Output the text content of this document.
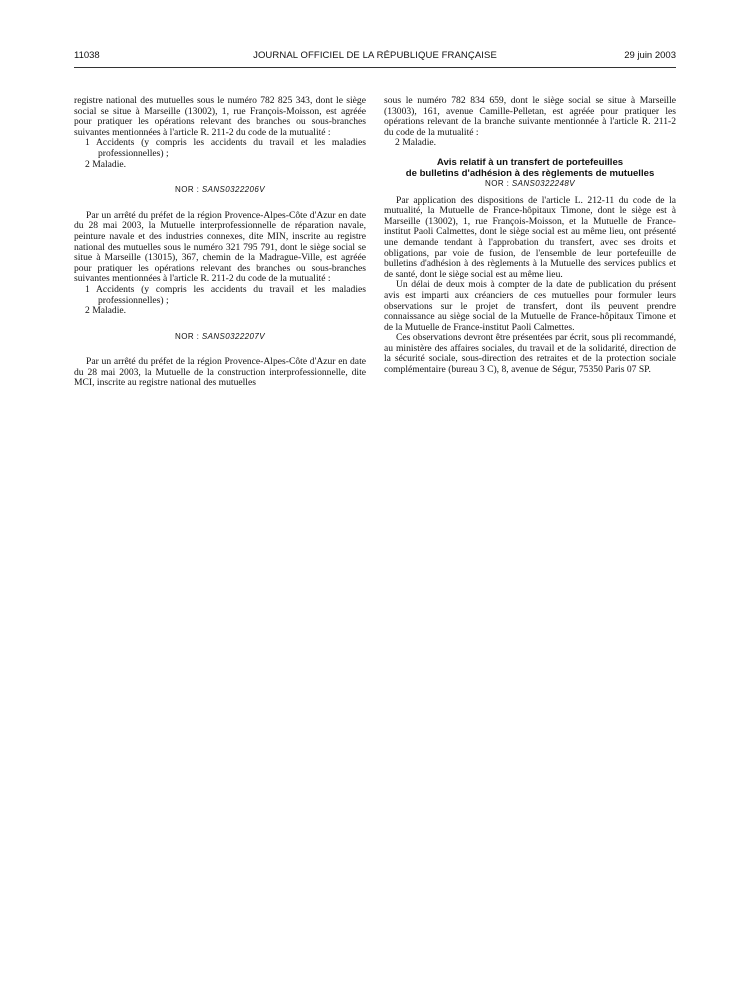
11038	JOURNAL OFFICIEL DE LA RÉPUBLIQUE FRANÇAISE	29 juin 2003

registre national des mutuelles sous le numéro 782 825 343, dont le siège social se situe à Marseille (13002), 1, rue François-Moisson, est agréée pour pratiquer les opérations relevant des branches ou sous-branches suivantes mentionnées à l'article R. 211-2 du code de la mutualité :

1 Accidents (y compris les accidents du travail et les maladies professionnelles) ;
2 Maladie.
NOR : SANS0322206V

Par un arrêté du préfet de la région Provence-Alpes-Côte d'Azur en date du 28 mai 2003, la Mutuelle interprofessionnelle de réparation navale, peinture navale et des industries connexes, dite MIN, inscrite au registre national des mutuelles sous le numéro 321 795 791, dont le siège social se situe à Marseille (13015), 367, chemin de la Madrague-Ville, est agréée pour pratiquer les opérations relevant des branches ou sous-branches suivantes mentionnées à l'article R. 211-2 du code de la mutualité :

1 Accidents (y compris les accidents du travail et les maladies professionnelles) ;
2 Maladie.
NOR : SANS0322207V

Par un arrêté du préfet de la région Provence-Alpes-Côte d'Azur en date du 28 mai 2003, la Mutuelle de la construction interprofessionnelle, dite MCI, inscrite au registre national des mutuelles

sous le numéro 782 834 659, dont le siège social se situe à Marseille (13003), 161, avenue Camille-Pelletan, est agréée pour pratiquer les opérations relevant de la branche suivante mentionnée à l'article R. 211-2 du code de la mutualité :

2 Maladie.
Avis relatif à un transfert de portefeuilles
de bulletins d'adhésion à des règlements de mutuelles
NOR : SANS0322248V

Par application des dispositions de l'article L. 212-11 du code de la mutualité, la Mutuelle de France-hôpitaux Timone, dont le siège est à Marseille (13002), 1, rue François-Moisson, et la Mutuelle de France-institut Paoli Calmettes, dont le siège social est au même lieu, ont présenté une demande tendant à l'approbation du transfert, avec ses droits et obligations, par voie de fusion, de l'ensemble de leur portefeuille de bulletins d'adhésion à des règlements à la Mutuelle des services publics et de santé, dont le siège social est au même lieu.

Un délai de deux mois à compter de la date de publication du présent avis est imparti aux créanciers de ces mutuelles pour formuler leurs observations sur le projet de transfert, dont ils peuvent prendre connaissance au siège social de la Mutuelle de France-hôpitaux Timone et de la Mutuelle de France-institut Paoli Calmettes.

Ces observations devront être présentées par écrit, sous pli recommandé, au ministère des affaires sociales, du travail et de la solidarité, direction de la sécurité sociale, sous-direction des retraites et de la protection sociale complémentaire (bureau 3 C), 8, avenue de Ségur, 75350 Paris 07 SP.
